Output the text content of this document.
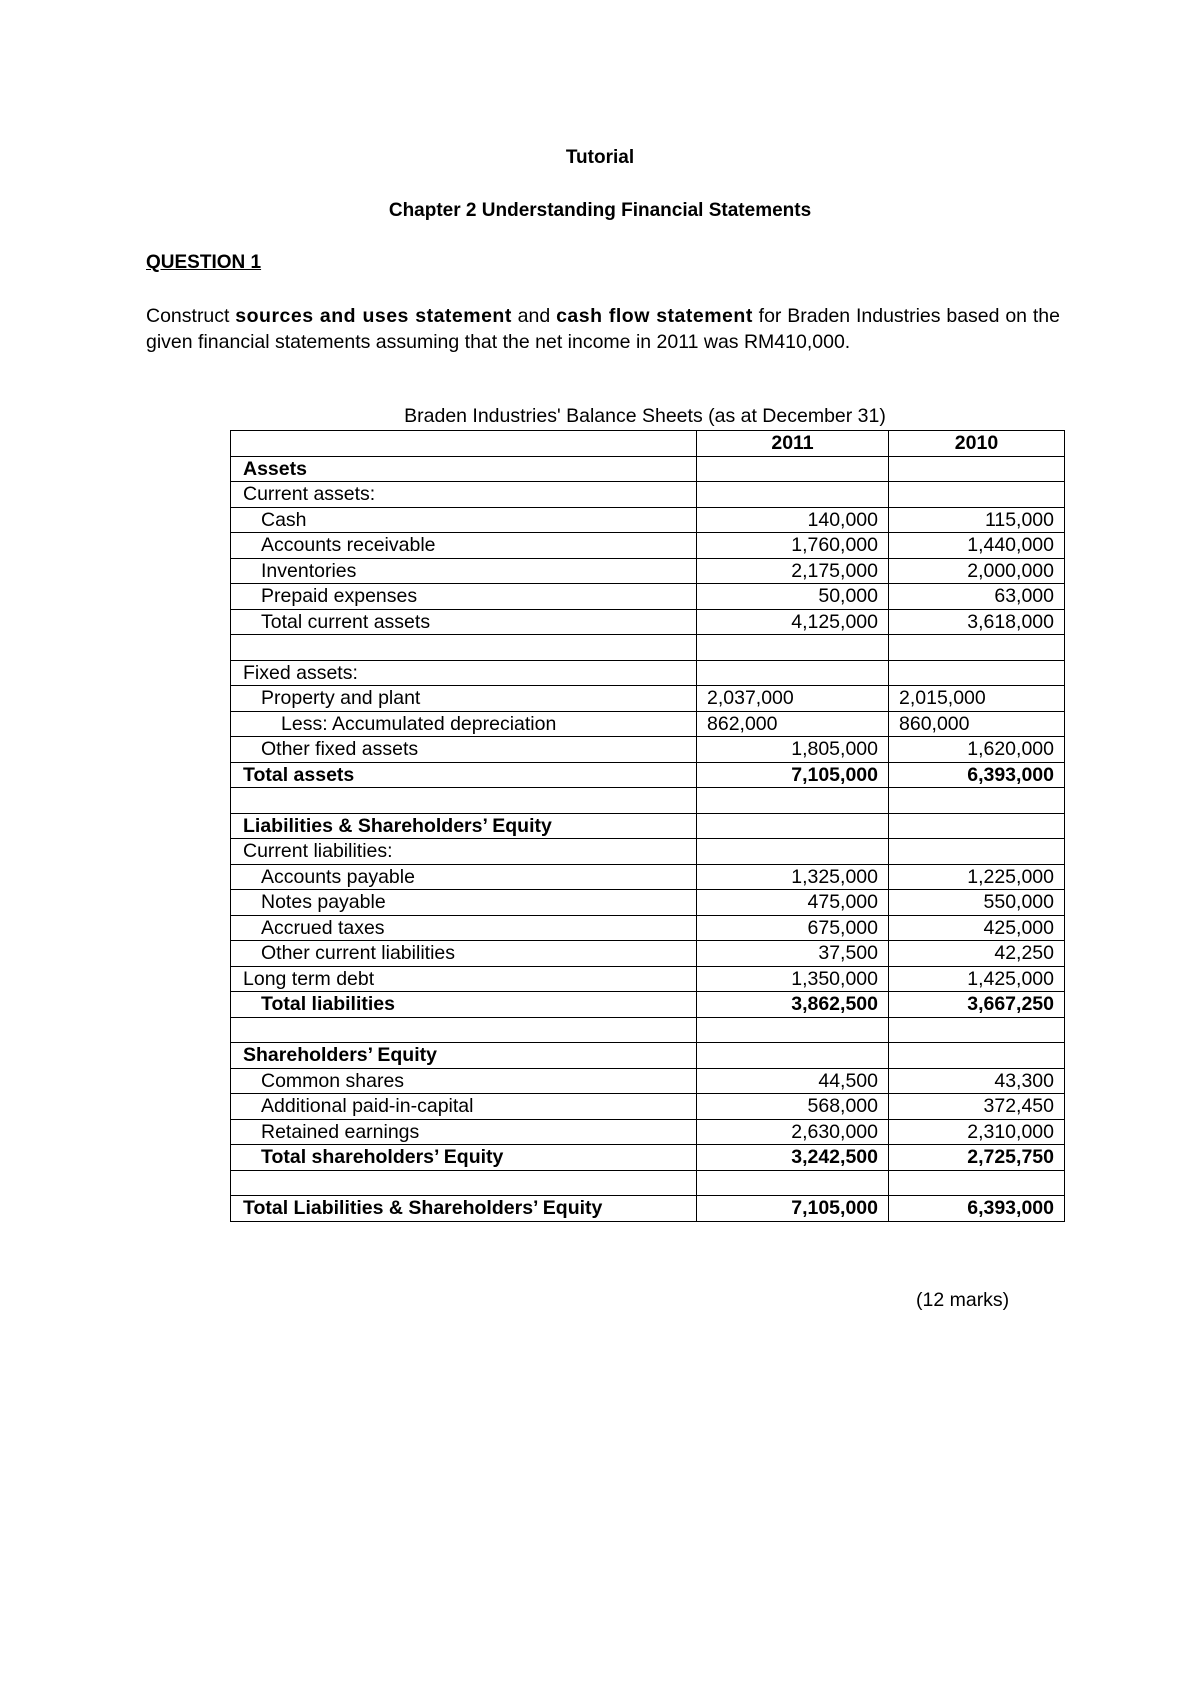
Tutorial
Chapter 2 Understanding Financial Statements
QUESTION 1
Construct sources and uses statement and cash flow statement for Braden Industries based on the given financial statements assuming that the net income in 2011 was RM410,000.
Braden Industries' Balance Sheets (as at December 31)
	2011	2010
Assets		
Current assets:		
Cash	140,000	115,000
Accounts receivable	1,760,000	1,440,000
Inventories	2,175,000	2,000,000
Prepaid expenses	50,000	63,000
Total current assets	4,125,000	3,618,000

Fixed assets:		
Property and plant	2,037,000	2,015,000
Less: Accumulated depreciation	862,000	860,000
Other fixed assets	1,805,000	1,620,000
Total assets	7,105,000	6,393,000

Liabilities & Shareholders’ Equity		
Current liabilities:		
Accounts payable	1,325,000	1,225,000
Notes payable	475,000	550,000
Accrued taxes	675,000	425,000
Other current liabilities	37,500	42,250
Long term debt	1,350,000	1,425,000
Total liabilities	3,862,500	3,667,250

Shareholders’ Equity		
Common shares	44,500	43,300
Additional paid-in-capital	568,000	372,450
Retained earnings	2,630,000	2,310,000
Total shareholders’ Equity	3,242,500	2,725,750

Total Liabilities & Shareholders’ Equity	7,105,000	6,393,000
(12 marks)
